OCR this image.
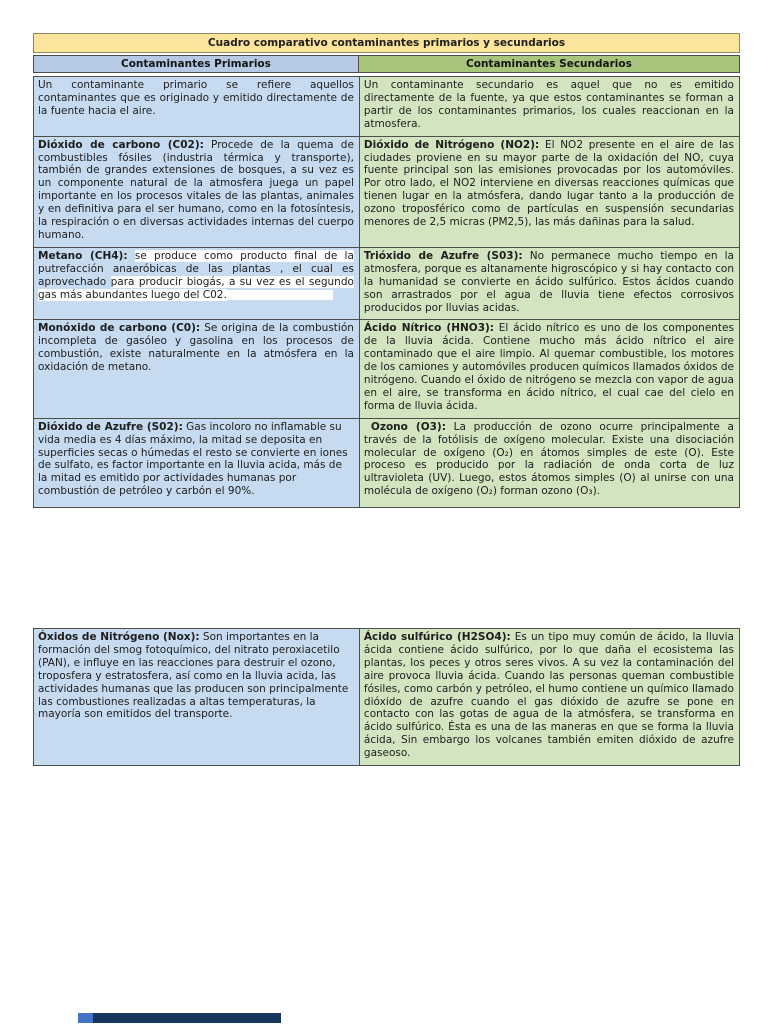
Cuadro comparativo contaminantes primarios y secundarios
Contaminantes Primarios	Contaminantes Secundarios
Un contaminante primario se refiere aquellos contaminantes que es originado y emitido directamente de la fuente hacia el aire.
Un contaminante secundario es aquel que no es emitido directamente de la fuente, ya que estos contaminantes se forman a partir de los contaminantes primarios, los cuales reaccionan en la atmosfera.
Dióxido de carbono (C02): Procede de la quema de combustibles fósiles (industria térmica y transporte), también de grandes extensiones de bosques, a su vez es un componente natural de la atmosfera juega un papel importante en los procesos vitales de las plantas, animales y en definitiva para el ser humano, como en la fotosíntesis, la respiración o en diversas actividades internas del cuerpo humano.
Dióxido de Nitrógeno (NO2): El NO2 presente en el aire de las ciudades proviene en su mayor parte de la oxidación del NO, cuya fuente principal son las emisiones provocadas por los automóviles. Por otro lado, el NO2 interviene en diversas reacciones químicas que tienen lugar en la atmósfera, dando lugar tanto a la producción de ozono troposférico como de partículas en suspensión secundarias menores de 2,5 micras (PM2,5), las más dañinas para la salud.
Metano (CH4): se produce como producto final de la putrefacción anaeróbicas de las plantas , el cual es aprovechado para producir biogás, a su vez es el segundo gas más abundantes luego del C02.
Trióxido de Azufre (S03): No permanece mucho tiempo en la atmosfera, porque es altanamente higroscópico y si hay contacto con la humanidad se convierte en ácido sulfúrico. Estos ácidos cuando son arrastrados por el agua de lluvia tiene efectos corrosivos producidos por lluvias acidas.
Monóxido de carbono (C0): Se origina de la combustión incompleta de gasóleo y gasolina en los procesos de combustión, existe naturalmente en la atmósfera en la oxidación de metano.
Ácido Nítrico (HNO3): El ácido nítrico es uno de los componentes de la lluvia ácida. Contiene mucho más ácido nítrico el aire contaminado que el aire limpio. Al quemar combustible, los motores de los camiones y automóviles producen químicos llamados óxidos de nitrógeno. Cuando el óxido de nitrógeno se mezcla con vapor de agua en el aire, se transforma en ácido nítrico, el cual cae del cielo en forma de lluvia ácida.
Dióxido de Azufre (S02): Gas incoloro no inflamable su vida media es 4 días máximo, la mitad se deposita en superficies secas o húmedas el resto se convierte en iones de sulfato, es factor importante en la lluvia acida, más de la mitad es emitido por actividades humanas por combustión de petróleo y carbón el 90%.
Ozono (O3): La producción de ozono ocurre principalmente a través de la fotólisis de oxígeno molecular. Existe una disociación molecular de oxígeno (O₂) en átomos simples de este (O). Este proceso es producido por la radiación de onda corta de luz ultravioleta (UV). Luego, estos átomos simples (O) al unirse con una molécula de oxígeno (O₂) forman ozono (O₃).
Óxidos de Nitrógeno (Nox): Son importantes en la formación del smog fotoquímico, del nitrato peroxiacetilo (PAN), e influye en las reacciones para destruir el ozono, troposfera y estratosfera, así como en la lluvia acida, las actividades humanas que las producen son principalmente las combustiones realizadas a altas temperaturas, la mayoría son emitidos del transporte.
Ácido sulfúrico (H2SO4): Es un tipo muy común de ácido, la lluvia ácida contiene ácido sulfúrico, por lo que daña el ecosistema las plantas, los peces y otros seres vivos. A su vez la contaminación del aire provoca lluvia ácida. Cuando las personas queman combustible fósiles, como carbón y petróleo, el humo contiene un químico llamado dióxido de azufre cuando el gas dióxido de azufre se pone en contacto con las gotas de agua de la atmósfera, se transforma en ácido sulfúrico. Ésta es una de las maneras en que se forma la lluvia ácida, Sin embargo los volcanes también emiten dióxido de azufre gaseoso.
